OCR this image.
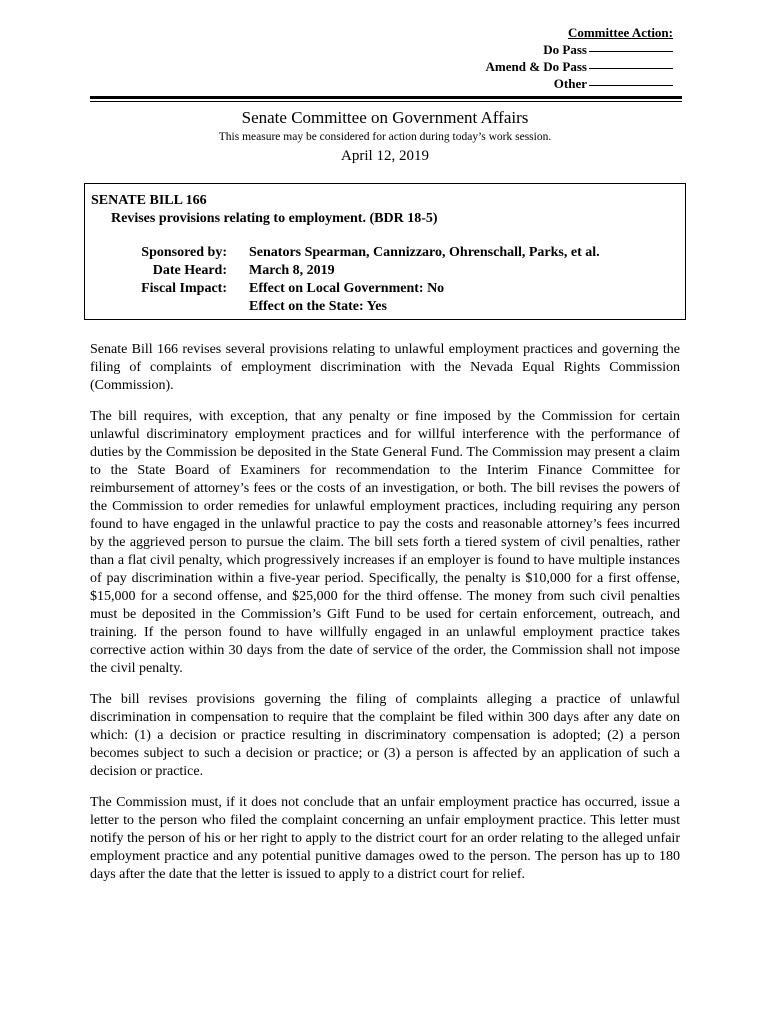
Committee Action:
Do Pass
Amend & Do Pass
Other
Senate Committee on Government Affairs
This measure may be considered for action during today’s work session.
April 12, 2019
SENATE BILL 166
Revises provisions relating to employment. (BDR 18-5)
Sponsored by: Senators Spearman, Cannizzaro, Ohrenschall, Parks, et al.
Date Heard: March 8, 2019
Fiscal Impact: Effect on Local Government: No
Effect on the State: Yes

Senate Bill 166 revises several provisions relating to unlawful employment practices and governing the filing of complaints of employment discrimination with the Nevada Equal Rights Commission (Commission).

The bill requires, with exception, that any penalty or fine imposed by the Commission for certain unlawful discriminatory employment practices and for willful interference with the performance of duties by the Commission be deposited in the State General Fund. The Commission may present a claim to the State Board of Examiners for recommendation to the Interim Finance Committee for reimbursement of attorney’s fees or the costs of an investigation, or both. The bill revises the powers of the Commission to order remedies for unlawful employment practices, including requiring any person found to have engaged in the unlawful practice to pay the costs and reasonable attorney’s fees incurred by the aggrieved person to pursue the claim. The bill sets forth a tiered system of civil penalties, rather than a flat civil penalty, which progressively increases if an employer is found to have multiple instances of pay discrimination within a five-year period. Specifically, the penalty is $10,000 for a first offense, $15,000 for a second offense, and $25,000 for the third offense. The money from such civil penalties must be deposited in the Commission’s Gift Fund to be used for certain enforcement, outreach, and training. If the person found to have willfully engaged in an unlawful employment practice takes corrective action within 30 days from the date of service of the order, the Commission shall not impose the civil penalty.

The bill revises provisions governing the filing of complaints alleging a practice of unlawful discrimination in compensation to require that the complaint be filed within 300 days after any date on which: (1) a decision or practice resulting in discriminatory compensation is adopted; (2) a person becomes subject to such a decision or practice; or (3) a person is affected by an application of such a decision or practice.

The Commission must, if it does not conclude that an unfair employment practice has occurred, issue a letter to the person who filed the complaint concerning an unfair employment practice. This letter must notify the person of his or her right to apply to the district court for an order relating to the alleged unfair employment practice and any potential punitive damages owed to the person. The person has up to 180 days after the date that the letter is issued to apply to a district court for relief.
